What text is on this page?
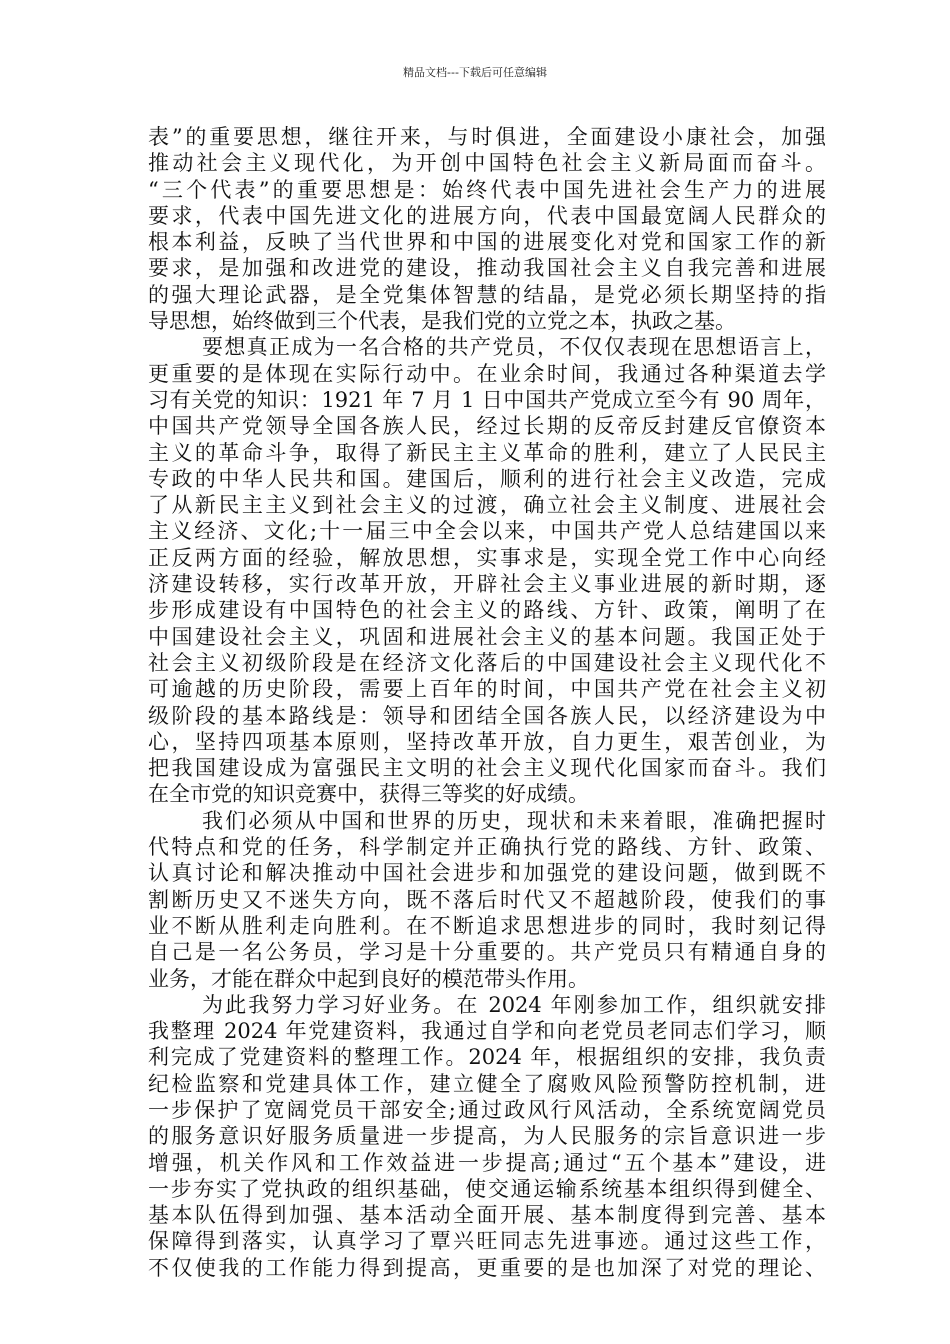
精品文档---下载后可任意编辑
表”的重要思想，继往开来，与时俱进，全面建设小康社会，加强
推动社会主义现代化，为开创中国特色社会主义新局面而奋斗。
“三个代表”的重要思想是：始终代表中国先进社会生产力的进展
要求，代表中国先进文化的进展方向，代表中国最宽阔人民群众的
根本利益，反映了当代世界和中国的进展变化对党和国家工作的新
要求，是加强和改进党的建设，推动我国社会主义自我完善和进展
的强大理论武器，是全党集体智慧的结晶，是党必须长期坚持的指
导思想，始终做到三个代表，是我们党的立党之本，执政之基。
要想真正成为一名合格的共产党员，不仅仅表现在思想语言上，
更重要的是体现在实际行动中。在业余时间，我通过各种渠道去学
习有关党的知识：1921 年 7 月 1 日中国共产党成立至今有 90 周年，
中国共产党领导全国各族人民，经过长期的反帝反封建反官僚资本
主义的革命斗争，取得了新民主主义革命的胜利，建立了人民民主
专政的中华人民共和国。建国后，顺利的进行社会主义改造，完成
了从新民主主义到社会主义的过渡，确立社会主义制度、进展社会
主义经济、文化;十一届三中全会以来，中国共产党人总结建国以来
正反两方面的经验，解放思想，实事求是，实现全党工作中心向经
济建设转移，实行改革开放，开辟社会主义事业进展的新时期，逐
步形成建设有中国特色的社会主义的路线、方针、政策，阐明了在
中国建设社会主义，巩固和进展社会主义的基本问题。我国正处于
社会主义初级阶段是在经济文化落后的中国建设社会主义现代化不
可逾越的历史阶段，需要上百年的时间，中国共产党在社会主义初
级阶段的基本路线是：领导和团结全国各族人民，以经济建设为中
心，坚持四项基本原则，坚持改革开放，自力更生，艰苦创业，为
把我国建设成为富强民主文明的社会主义现代化国家而奋斗。我们
在全市党的知识竞赛中，获得三等奖的好成绩。
我们必须从中国和世界的历史，现状和未来着眼，准确把握时
代特点和党的任务，科学制定并正确执行党的路线、方针、政策、
认真讨论和解决推动中国社会进步和加强党的建设问题，做到既不
割断历史又不迷失方向，既不落后时代又不超越阶段，使我们的事
业不断从胜利走向胜利。在不断追求思想进步的同时，我时刻记得
自己是一名公务员，学习是十分重要的。共产党员只有精通自身的
业务，才能在群众中起到良好的模范带头作用。
为此我努力学习好业务。在 2024 年刚参加工作，组织就安排
我整理 2024 年党建资料，我通过自学和向老党员老同志们学习，顺
利完成了党建资料的整理工作。2024 年，根据组织的安排，我负责
纪检监察和党建具体工作，建立健全了腐败风险预警防控机制，进
一步保护了宽阔党员干部安全;通过政风行风活动，全系统宽阔党员
的服务意识好服务质量进一步提高，为人民服务的宗旨意识进一步
增强，机关作风和工作效益进一步提高;通过“五个基本”建设，进
一步夯实了党执政的组织基础，使交通运输系统基本组织得到健全、
基本队伍得到加强、基本活动全面开展、基本制度得到完善、基本
保障得到落实，认真学习了覃兴旺同志先进事迹。通过这些工作，
不仅使我的工作能力得到提高，更重要的是也加深了对党的理论、
